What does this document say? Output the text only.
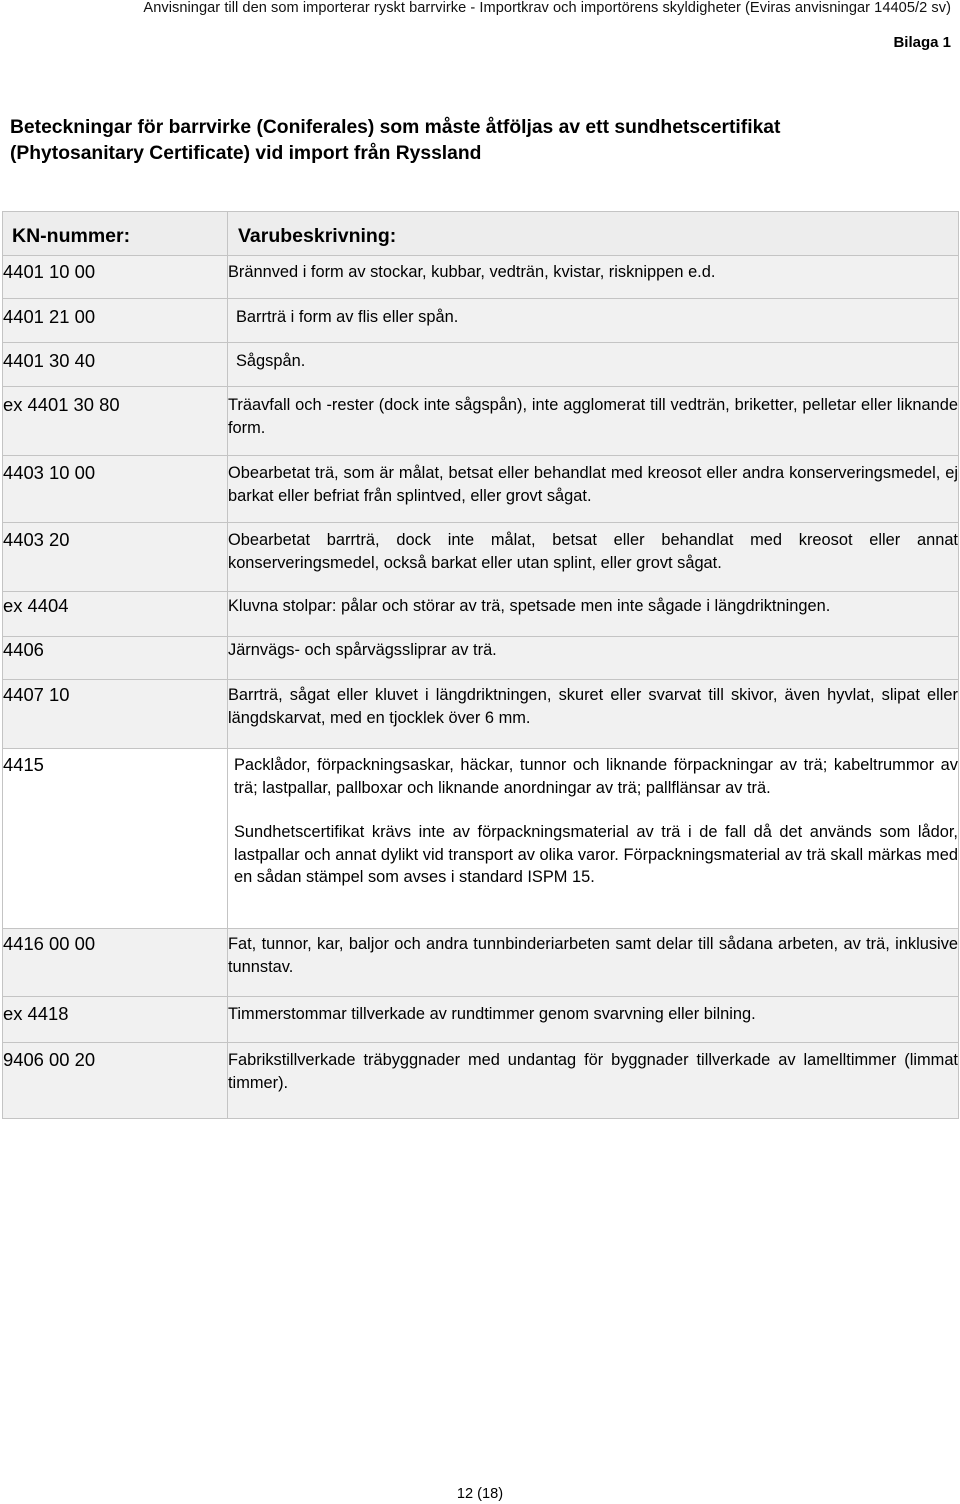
Anvisningar till den som importerar ryskt barrvirke - Importkrav och importörens skyldigheter (Eviras anvisningar 14405/2 sv)
Bilaga 1
Beteckningar för barrvirke (Coniferales) som måste åtföljas av ett sundhetscertifikat
(Phytosanitary Certificate) vid import från Ryssland
KN-nummer:	Varubeskrivning:
4401 10 00	Brännved i form av stockar, kubbar, vedträn, kvistar, risknippen e.d.
4401 21 00	Barrträ i form av flis eller spån.
4401 30 40	Sågspån.
ex 4401 30 80	Träavfall och -rester (dock inte sågspån), inte agglomerat till vedträn, briketter, pelletar eller liknande form.
4403 10 00	Obearbetat trä, som är målat, betsat eller behandlat med kreosot eller andra konserveringsmedel, ej barkat eller befriat från splintved, eller grovt sågat.
4403 20	Obearbetat barrträ, dock inte målat, betsat eller behandlat med kreosot eller annat konserveringsmedel, också barkat eller utan splint, eller grovt sågat.
ex 4404	Kluvna stolpar: pålar och störar av trä, spetsade men inte sågade i längdriktningen.
4406	Järnvägs- och spårvägssliprar av trä.
4407 10	Barrträ, sågat eller kluvet i längdriktningen, skuret eller svarvat till skivor, även hyvlat, slipat eller längdskarvat, med en tjocklek över 6 mm.
4415	Packlådor, förpackningsaskar, häckar, tunnor och liknande förpackningar av trä; kabeltrummor av trä; lastpallar, pallboxar och liknande anordningar av trä; pallflänsar av trä.

Sundhetscertifikat krävs inte av förpackningsmaterial av trä i de fall då det används som lådor, lastpallar och annat dylikt vid transport av olika varor. Förpackningsmaterial av trä skall märkas med en sådan stämpel som avses i standard ISPM 15.

4416 00 00	Fat, tunnor, kar, baljor och andra tunnbinderiarbeten samt delar till sådana arbeten, av trä, inklusive tunnstav.
ex 4418	Timmerstommar tillverkade av rundtimmer genom svarvning eller bilning.
9406 00 20	Fabrikstillverkade träbyggnader med undantag för byggnader tillverkade av lamelltimmer (limmat timmer).
12 (18)
